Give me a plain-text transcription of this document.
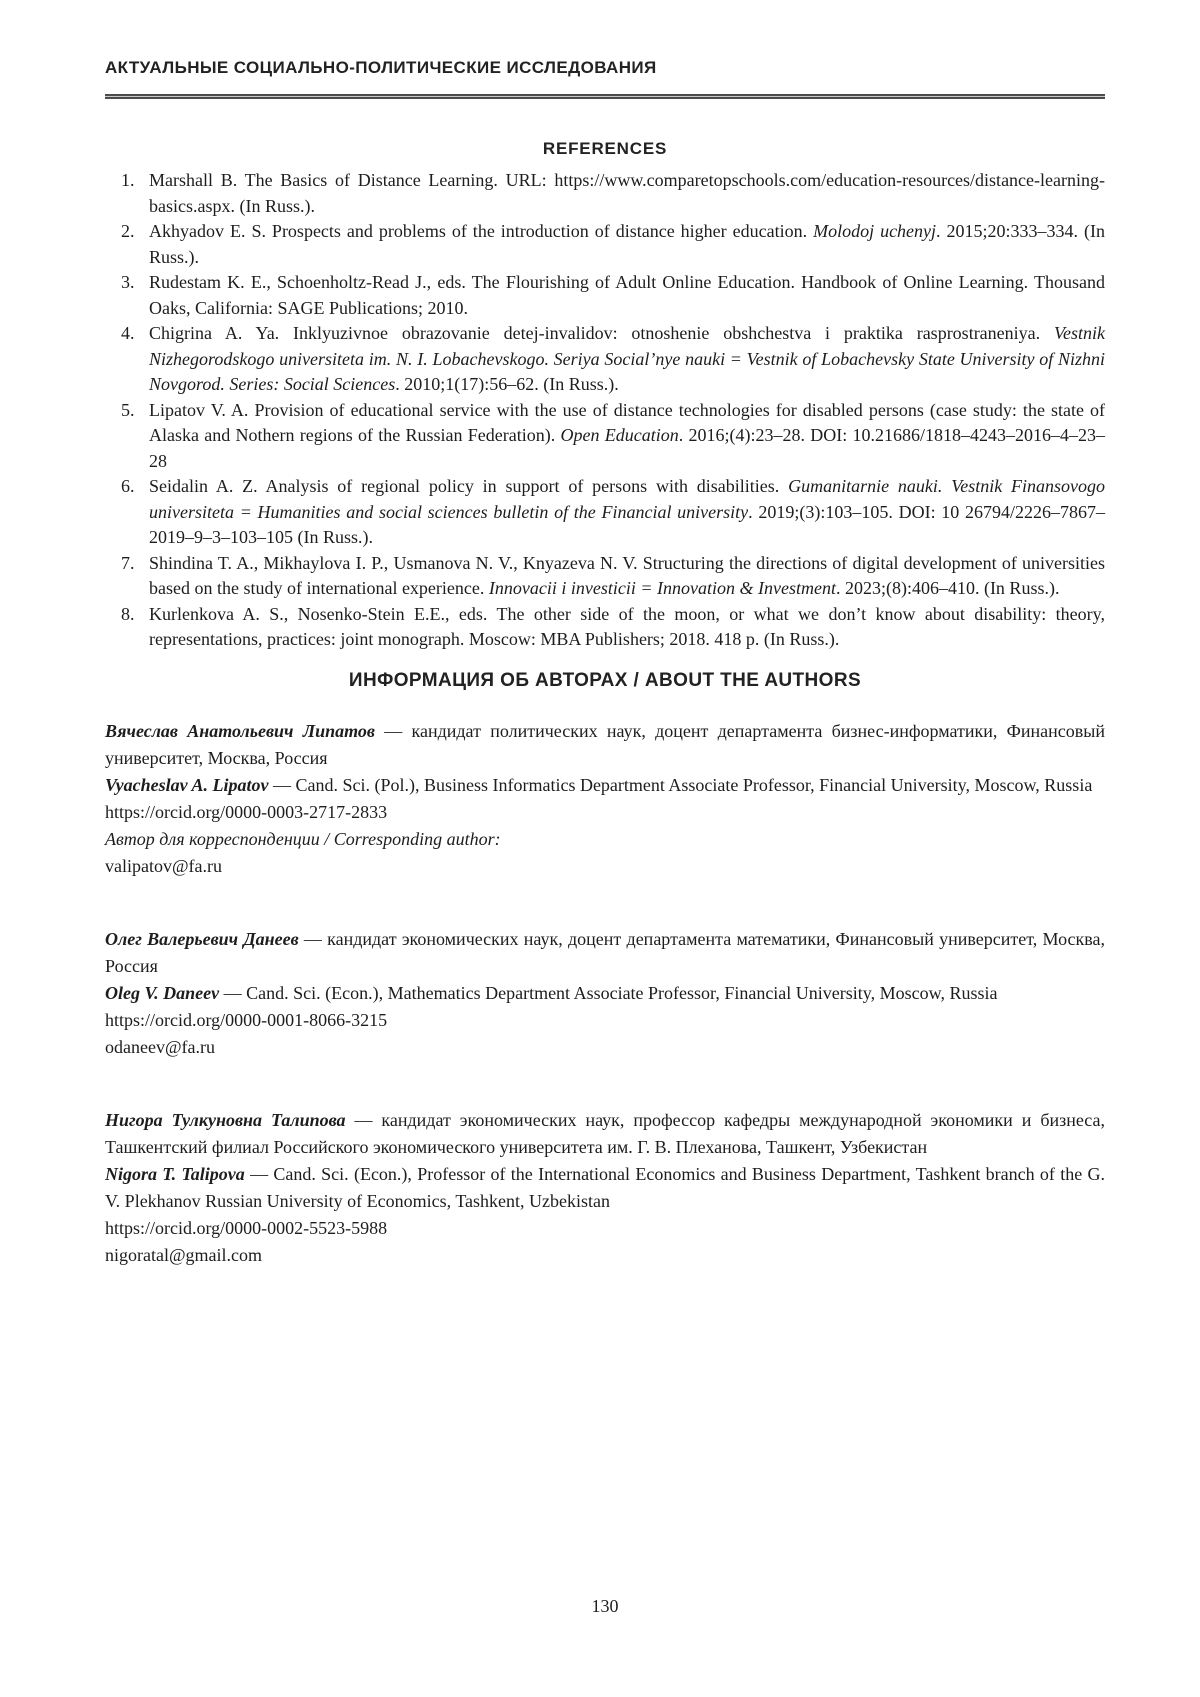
АКТУАЛЬНЫЕ СОЦИАЛЬНО-ПОЛИТИЧЕСКИЕ ИССЛЕДОВАНИЯ
REFERENCES
1. Marshall B. The Basics of Distance Learning. URL: https://www.comparetopschools.com/education-resources/distance-learning-basics.aspx. (In Russ.).
2. Akhyadov E. S. Prospects and problems of the introduction of distance higher education. Molodoj uchenyj. 2015;20:333–334. (In Russ.).
3. Rudestam K. E., Schoenholtz-Read J., eds. The Flourishing of Adult Online Education. Handbook of Online Learning. Thousand Oaks, California: SAGE Publications; 2010.
4. Chigrina A. Ya. Inklyuzivnoe obrazovanie detej-invalidov: otnoshenie obshchestva i praktika rasprostraneniya. Vestnik Nizhegorodskogo universiteta im. N. I. Lobachevskogo. Seriya Social’nye nauki = Vestnik of Lobachevsky State University of Nizhni Novgorod. Series: Social Sciences. 2010;1(17):56–62. (In Russ.).
5. Lipatov V. A. Provision of educational service with the use of distance technologies for disabled persons (case study: the state of Alaska and Nothern regions of the Russian Federation). Open Education. 2016;(4):23–28. DOI: 10.21686/1818–4243–2016–4–23–28
6. Seidalin A. Z. Analysis of regional policy in support of persons with disabilities. Gumanitarnie nauki. Vestnik Finansovogo universiteta = Humanities and social sciences bulletin of the Financial university. 2019;(3):103–105. DOI: 10 26794/2226–7867–2019–9–3–103–105 (In Russ.).
7. Shindina T. A., Mikhaylova I. P., Usmanova N. V., Knyazeva N. V. Structuring the directions of digital development of universities based on the study of international experience. Innovacii i investicii = Innovation & Investment. 2023;(8):406–410. (In Russ.).
8. Kurlenkova A. S., Nosenko-Stein E.E., eds. The other side of the moon, or what we don’t know about disability: theory, representations, practices: joint monograph. Moscow: MBA Publishers; 2018. 418 p. (In Russ.).
ИНФОРМАЦИЯ ОБ АВТОРАХ / ABOUT THE AUTHORS
Вячеслав Анатольевич Липатов — кандидат политических наук, доцент департамента бизнес-информатики, Финансовый университет, Москва, Россия
Vyacheslav A. Lipatov — Cand. Sci. (Pol.), Business Informatics Department Associate Professor, Financial University, Moscow, Russia
https://orcid.org/0000-0003-2717-2833
Автор для корреспонденции / Corresponding author:
valipatov@fa.ru
Олег Валерьевич Данеев — кандидат экономических наук, доцент департамента математики, Финансовый университет, Москва, Россия
Oleg V. Daneev — Cand. Sci. (Econ.), Mathematics Department Associate Professor, Financial University, Moscow, Russia
https://orcid.org/0000-0001-8066-3215
odaneev@fa.ru
Нигора Тулкуновна Талипова — кандидат экономических наук, профессор кафедры международной экономики и бизнеса, Ташкентский филиал Российского экономического университета им. Г. В. Плеханова, Ташкент, Узбекистан
Nigora T. Talipova — Cand. Sci. (Econ.), Professor of the International Economics and Business Department, Tashkent branch of the G. V. Plekhanov Russian University of Economics, Tashkent, Uzbekistan
https://orcid.org/0000-0002-5523-5988
nigoratal@gmail.com
130
